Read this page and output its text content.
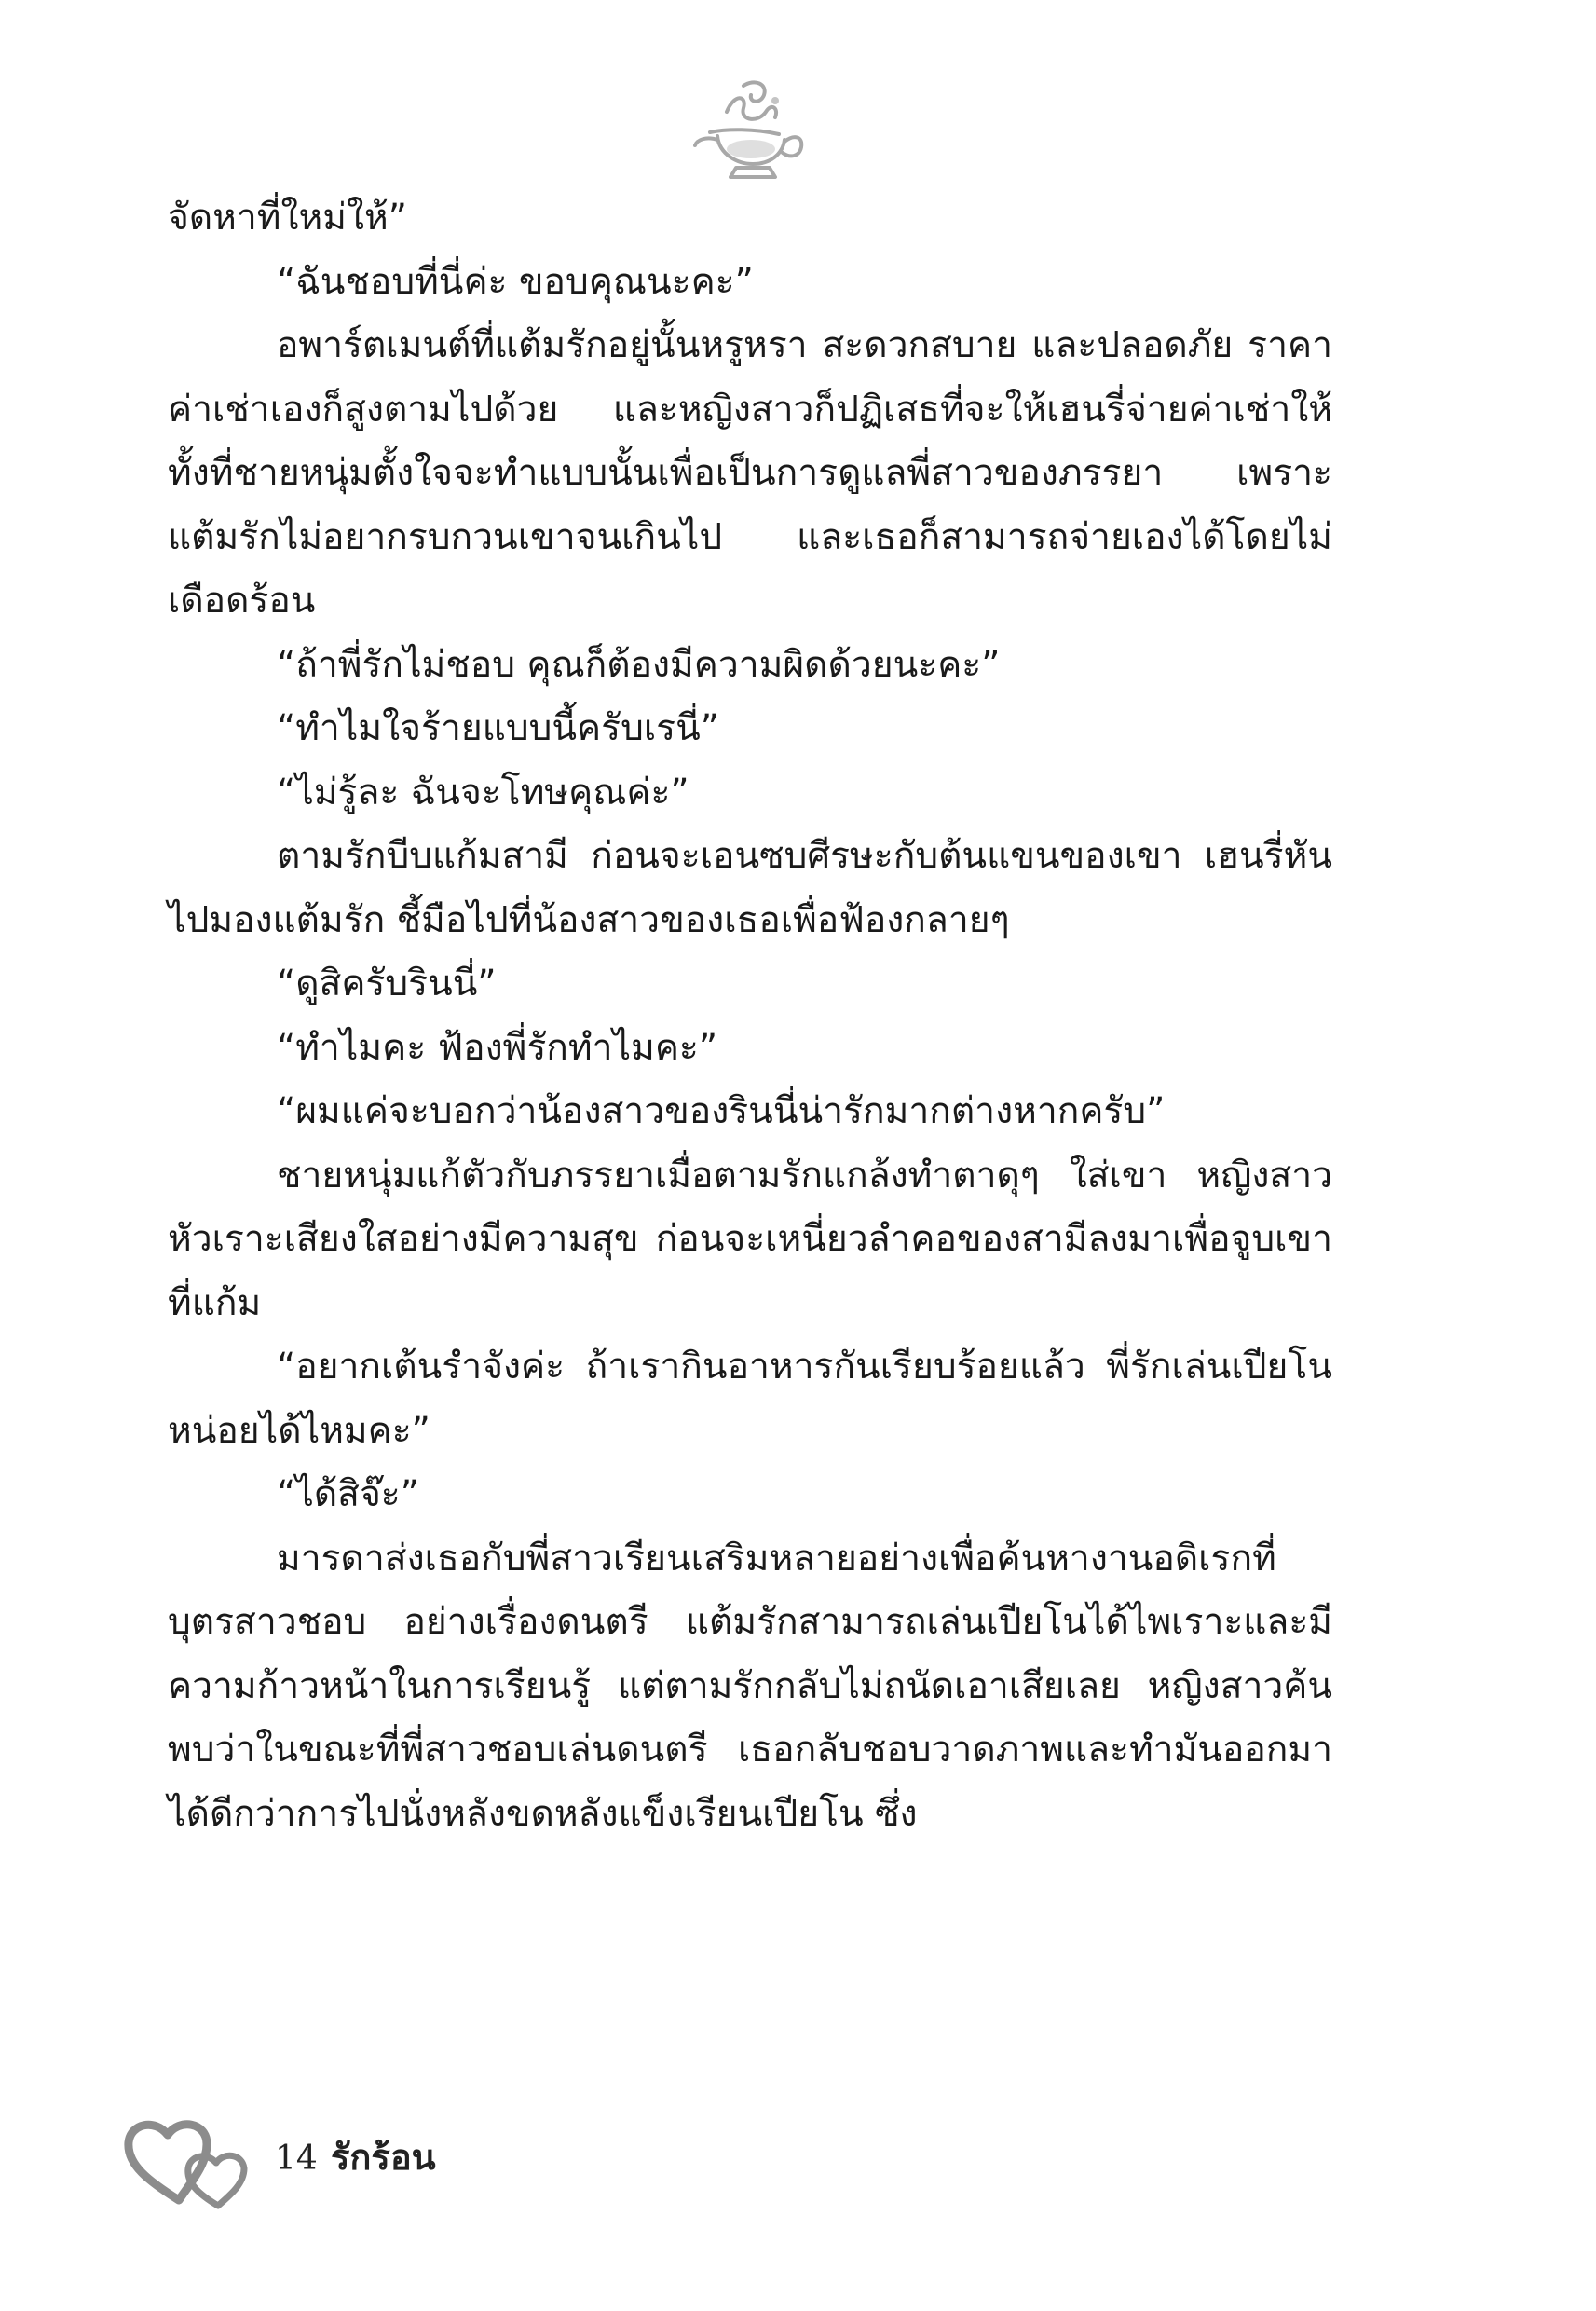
จัดหาที่ใหม่ให้”

“ฉันชอบที่นี่ค่ะ ขอบคุณนะคะ”

อพาร์ตเมนต์ที่แต้มรักอยู่นั้นหรูหรา สะดวกสบาย และปลอดภัย ราคาค่าเช่าเองก็สูงตามไปด้วย และหญิงสาวก็ปฏิเสธที่จะให้เฮนรี่จ่ายค่าเช่าให้ ทั้งที่ชายหนุ่มตั้งใจจะทำแบบนั้นเพื่อเป็นการดูแลพี่สาวของภรรยา เพราะแต้มรักไม่อยากรบกวนเขาจนเกินไป และเธอก็สามารถจ่ายเองได้โดยไม่เดือดร้อน

“ถ้าพี่รักไม่ชอบ คุณก็ต้องมีความผิดด้วยนะคะ”

“ทำไมใจร้ายแบบนี้ครับเรนี่”

“ไม่รู้ละ ฉันจะโทษคุณค่ะ”

ตามรักบีบแก้มสามี ก่อนจะเอนซบศีรษะกับต้นแขนของเขา เฮนรี่หันไปมองแต้มรัก ชี้มือไปที่น้องสาวของเธอเพื่อฟ้องกลายๆ

“ดูสิครับรินนี่”

“ทำไมคะ ฟ้องพี่รักทำไมคะ”

“ผมแค่จะบอกว่าน้องสาวของรินนี่น่ารักมากต่างหากครับ”

ชายหนุ่มแก้ตัวกับภรรยาเมื่อตามรักแกล้งทำตาดุๆ ใส่เขา หญิงสาวหัวเราะเสียงใสอย่างมีความสุข ก่อนจะเหนี่ยวลำคอของสามีลงมาเพื่อจูบเขาที่แก้ม

“อยากเต้นรำจังค่ะ ถ้าเรากินอาหารกันเรียบร้อยแล้ว พี่รักเล่นเปียโนหน่อยได้ไหมคะ”

“ได้สิจ๊ะ”

มารดาส่งเธอกับพี่สาวเรียนเสริมหลายอย่างเพื่อค้นหางานอดิเรกที่บุตรสาวชอบ อย่างเรื่องดนตรี แต้มรักสามารถเล่นเปียโนได้ไพเราะและมีความก้าวหน้าในการเรียนรู้ แต่ตามรักกลับไม่ถนัดเอาเสียเลย หญิงสาวค้นพบว่าในขณะที่พี่สาวชอบเล่นดนตรี เธอกลับชอบวาดภาพและทำมันออกมาได้ดีกว่าการไปนั่งหลังขดหลังแข็งเรียนเปียโน ซึ่ง

14 รักร้อน
